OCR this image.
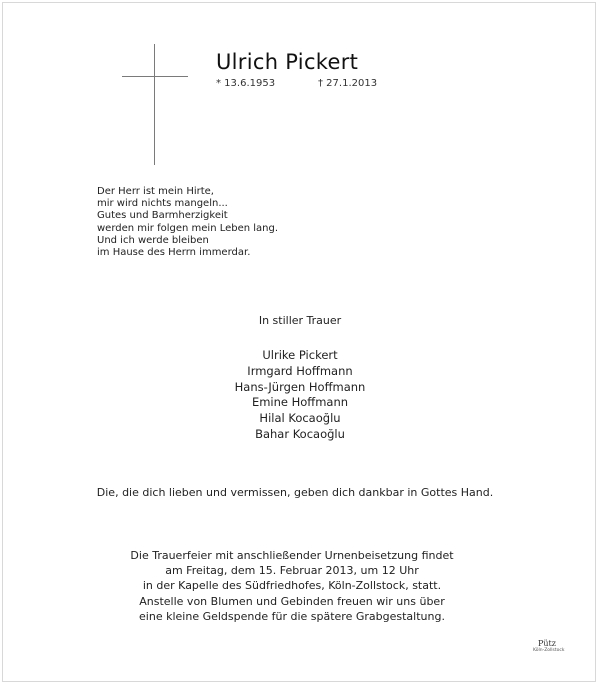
Ulrich Pickert
* 13.6.1953	† 27.1.2013
Der Herr ist mein Hirte,
mir wird nichts mangeln...
Gutes und Barmherzigkeit
werden mir folgen mein Leben lang.
Und ich werde bleiben
im Hause des Herrn immerdar.
In stiller Trauer
Ulrike Pickert
Irmgard Hoffmann
Hans-Jürgen Hoffmann
Emine Hoffmann
Hilal Kocaoğlu
Bahar Kocaoğlu
Die, die dich lieben und vermissen, geben dich dankbar in Gottes Hand.
Die Trauerfeier mit anschließender Urnenbeisetzung findet
am Freitag, dem 15. Februar 2013, um 12 Uhr
in der Kapelle des Südfriedhofes, Köln-Zollstock, statt.
Anstelle von Blumen und Gebinden freuen wir uns über
eine kleine Geldspende für die spätere Grabgestaltung.
Pütz
Köln-Zollstock
